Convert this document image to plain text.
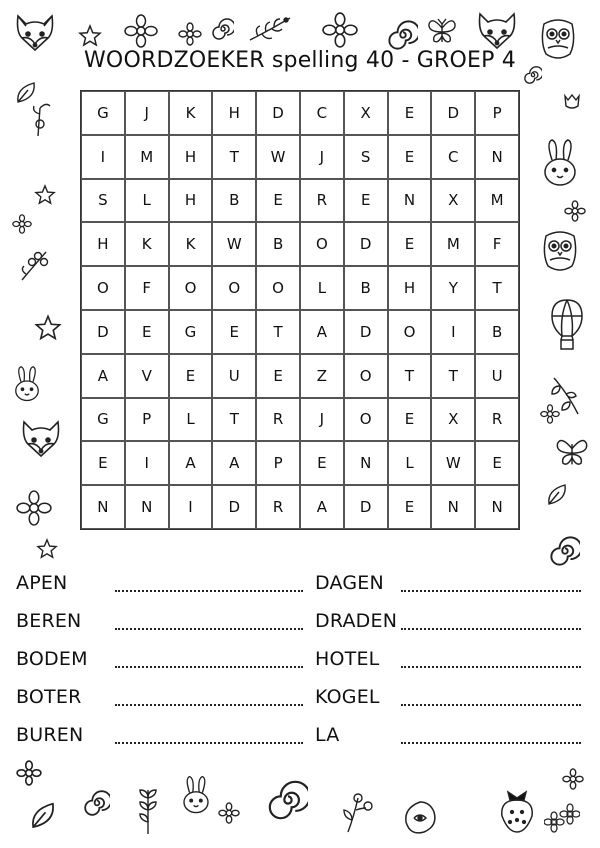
WOORDZOEKER spelling 40 - GROEP 4
G	J	K	H	D	C	X	E	D	P
I	M	H	T	W	J	S	E	C	N
S	L	H	B	E	R	E	N	X	M
H	K	K	W	B	O	D	E	M	F
O	F	O	O	O	L	B	H	Y	T
D	E	G	E	T	A	D	O	I	B
A	V	E	U	E	Z	O	T	T	U
G	P	L	T	R	J	O	E	X	R
E	I	A	A	P	E	N	L	W	E
N	N	I	D	R	A	D	E	N	N
APEN	DAGEN
BEREN	DRADEN
BODEM	HOTEL
BOTER	KOGEL
BUREN	LA
